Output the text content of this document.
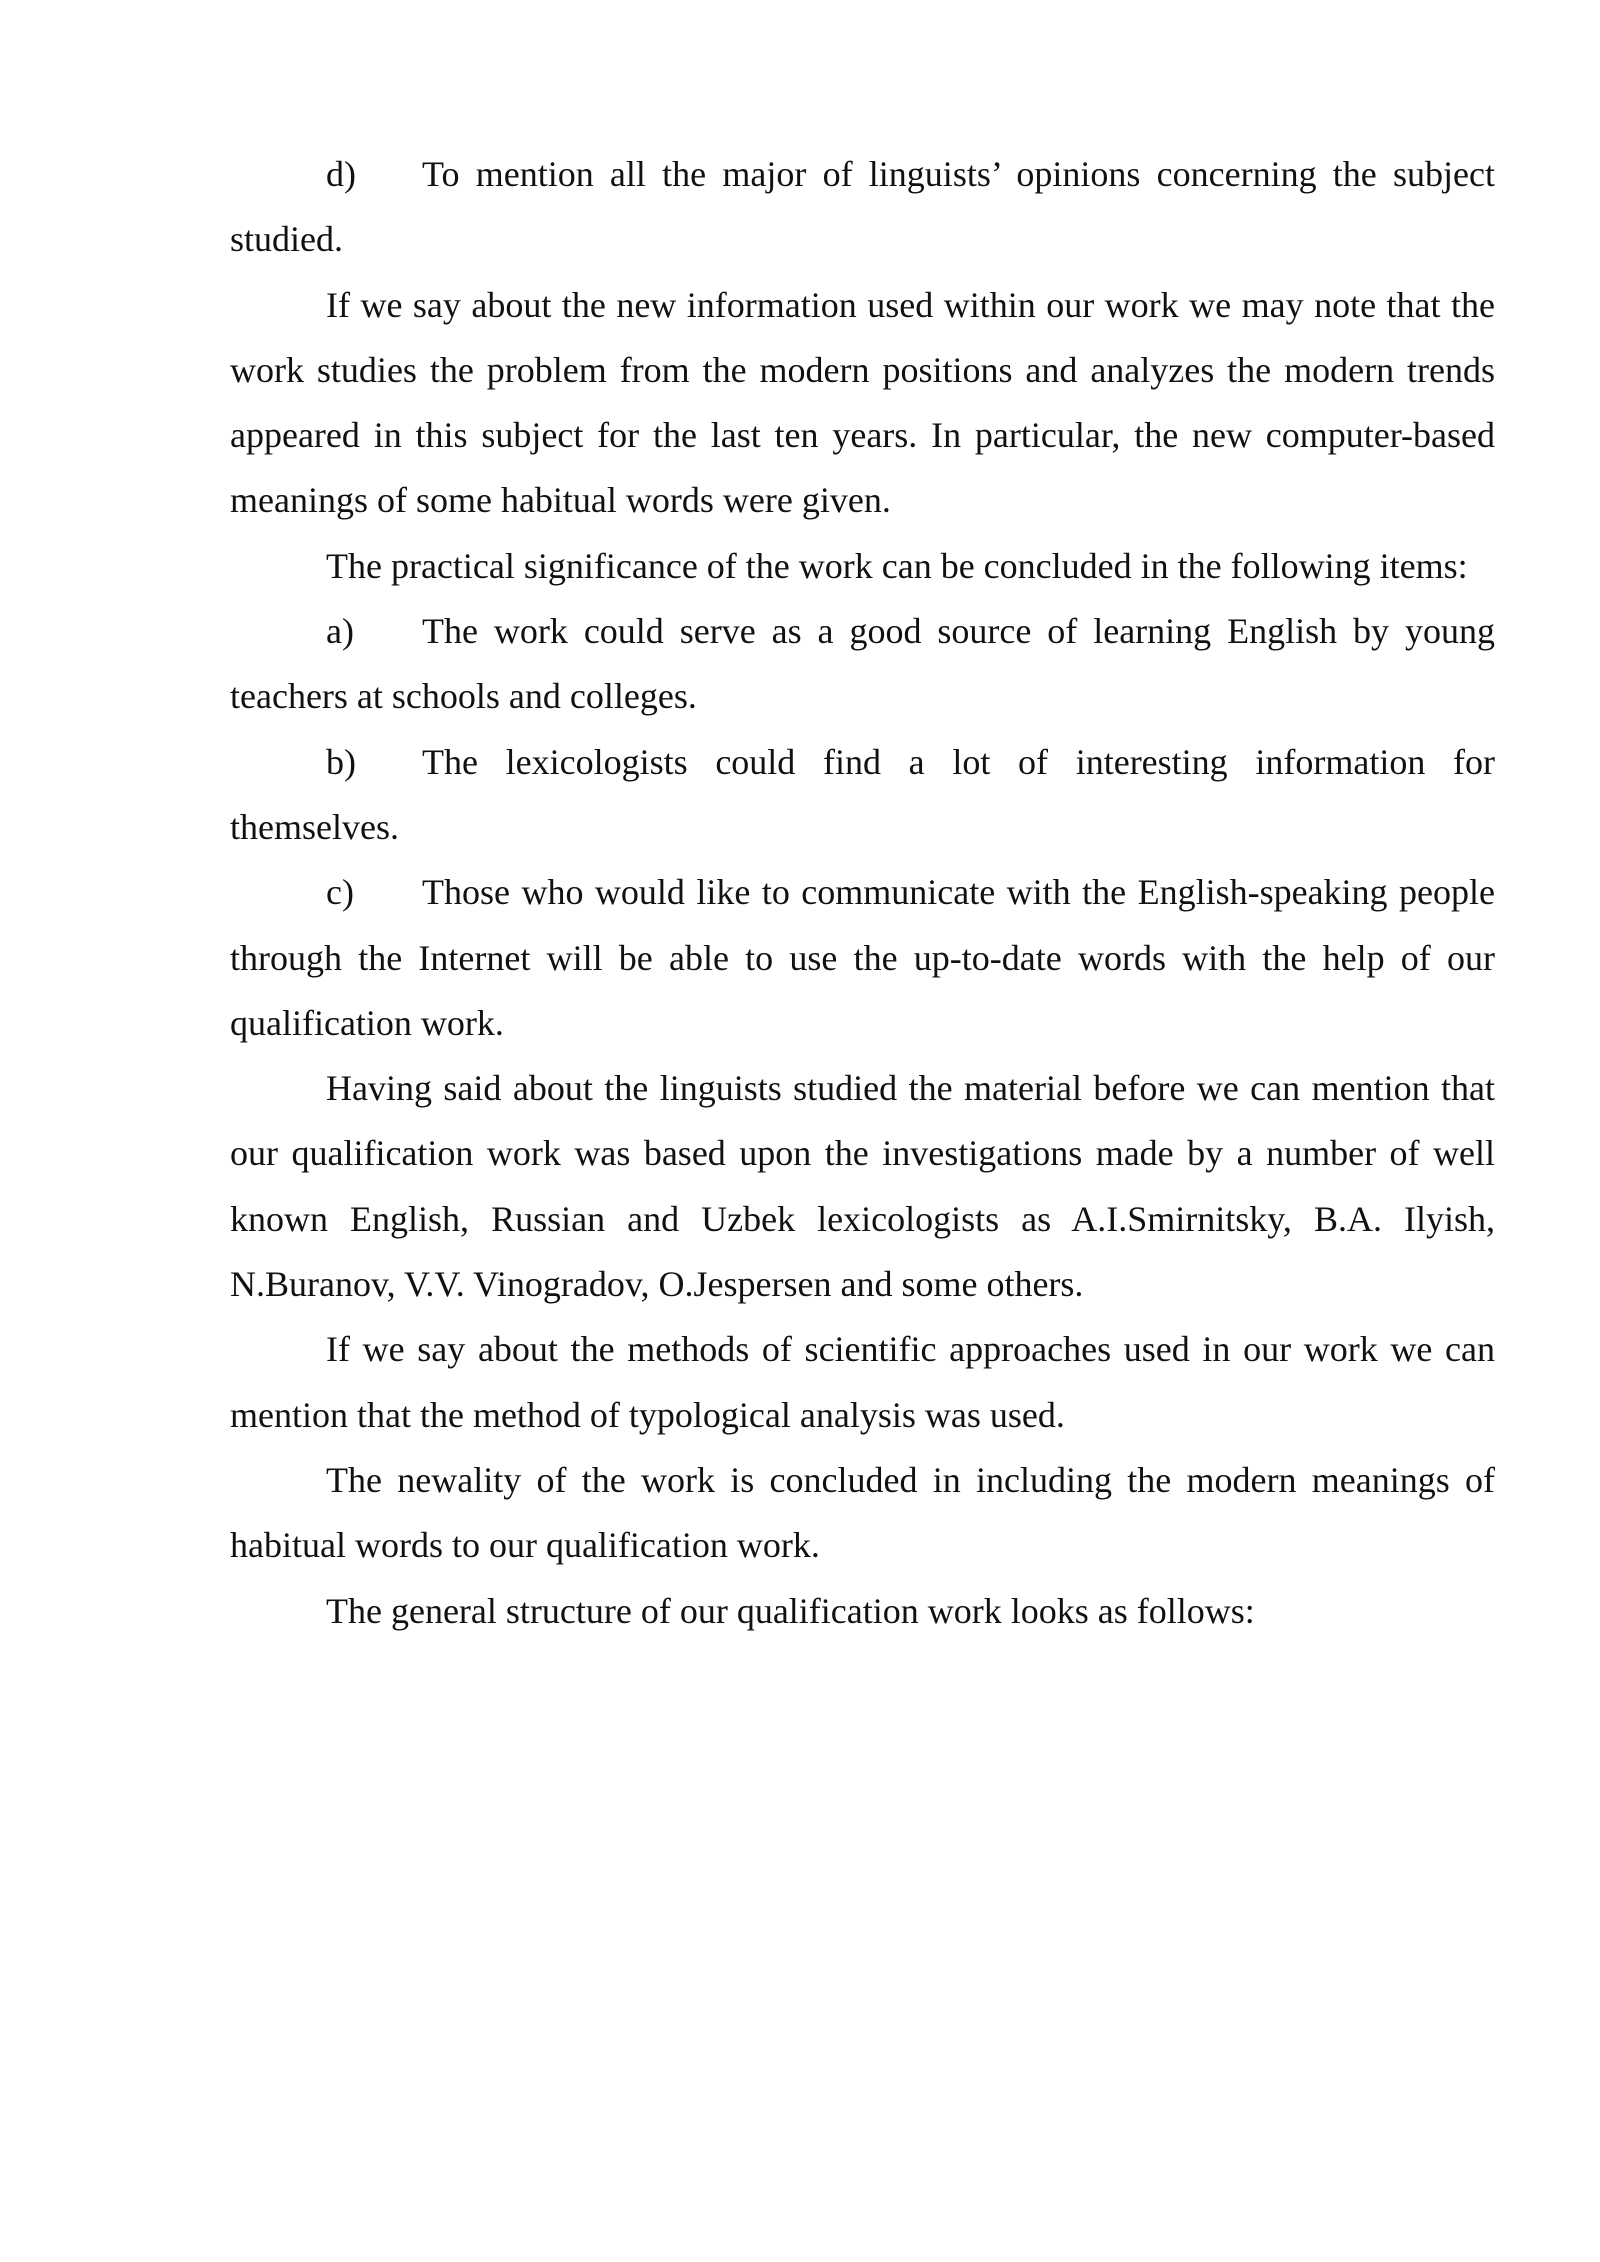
d) To mention all the major of linguists’ opinions concerning the subject studied.

If we say about the new information used within our work we may note that the work studies the problem from the modern positions and analyzes the modern trends appeared in this subject for the last ten years. In particular, the new computer-based meanings of some habitual words were given.

The practical significance of the work can be concluded in the following items:

a) The work could serve as a good source of learning English by young teachers at schools and colleges.

b) The lexicologists could find a lot of interesting information for themselves.

c) Those who would like to communicate with the English-speaking people through the Internet will be able to use the up-to-date words with the help of our qualification work.

Having said about the linguists studied the material before we can mention that our qualification work was based upon the investigations made by a number of well known English, Russian and Uzbek lexicologists as A.I.Smirnitsky, B.A. Ilyish, N.Buranov, V.V. Vinogradov, O.Jespersen and some others.

If we say about the methods of scientific approaches used in our work we can mention that the method of typological analysis was used.

The newality of the work is concluded in including the modern meanings of habitual words to our qualification work.

The general structure of our qualification work looks as follows:
